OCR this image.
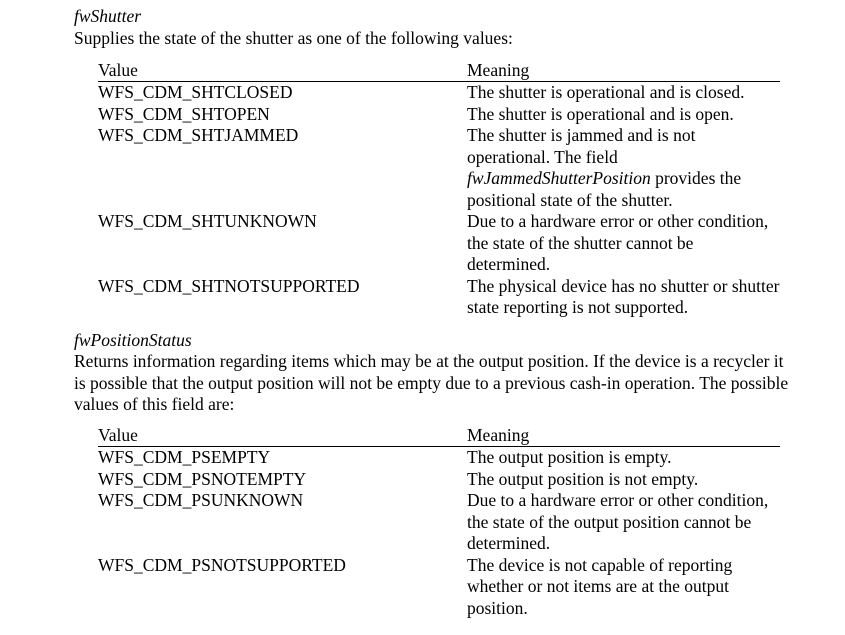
fwShutter
Supplies the state of the shutter as one of the following values:
Value	Meaning
WFS_CDM_SHTCLOSED	The shutter is operational and is closed.
WFS_CDM_SHTOPEN	The shutter is operational and is open.
WFS_CDM_SHTJAMMED	The shutter is jammed and is not operational. The field fwJammedShutterPosition provides the positional state of the shutter.
WFS_CDM_SHTUNKNOWN	Due to a hardware error or other condition, the state of the shutter cannot be determined.
WFS_CDM_SHTNOTSUPPORTED	The physical device has no shutter or shutter state reporting is not supported.
fwPositionStatus
Returns information regarding items which may be at the output position. If the device is a recycler it is possible that the output position will not be empty due to a previous cash-in operation. The possible values of this field are:
Value	Meaning
WFS_CDM_PSEMPTY	The output position is empty.
WFS_CDM_PSNOTEMPTY	The output position is not empty.
WFS_CDM_PSUNKNOWN	Due to a hardware error or other condition, the state of the output position cannot be determined.
WFS_CDM_PSNOTSUPPORTED	The device is not capable of reporting whether or not items are at the output position.
